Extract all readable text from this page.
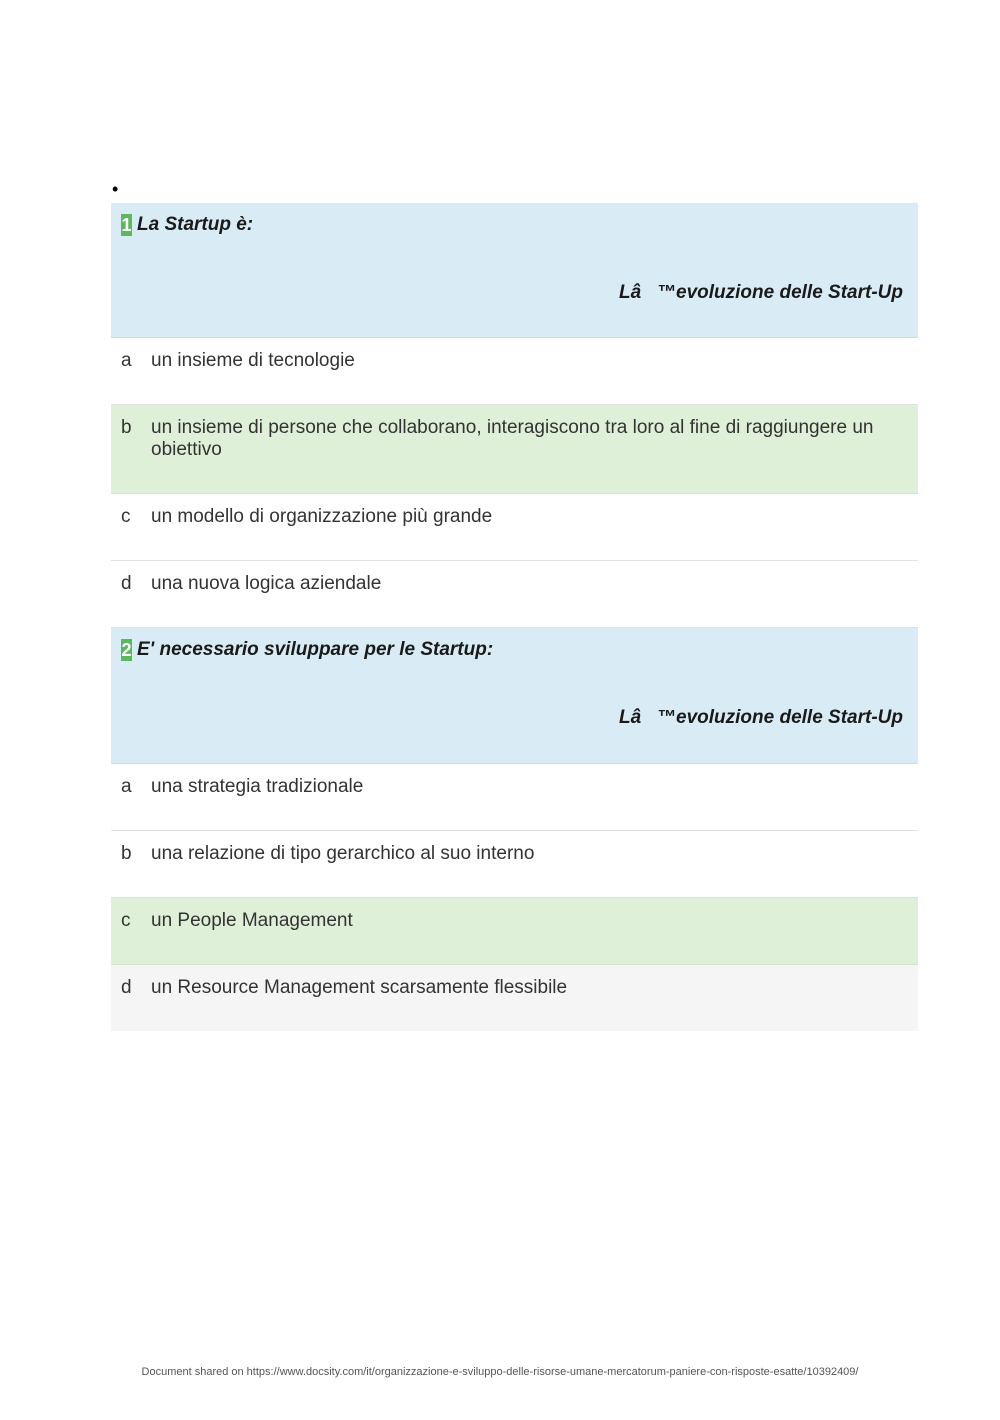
•
1 La Startup è:
Lâ   ™evoluzione delle Start-Up
a un insieme di tecnologie
b un insieme di persone che collaborano, interagiscono tra loro al fine di raggiungere un obiettivo
c un modello di organizzazione più grande
d una nuova logica aziendale
2 E' necessario sviluppare per le Startup:
Lâ   ™evoluzione delle Start-Up
a una strategia tradizionale
b una relazione di tipo gerarchico al suo interno
c un People Management
d un Resource Management scarsamente flessibile
Document shared on https://www.docsity.com/it/organizzazione-e-sviluppo-delle-risorse-umane-mercatorum-paniere-con-risposte-esatte/10392409/
